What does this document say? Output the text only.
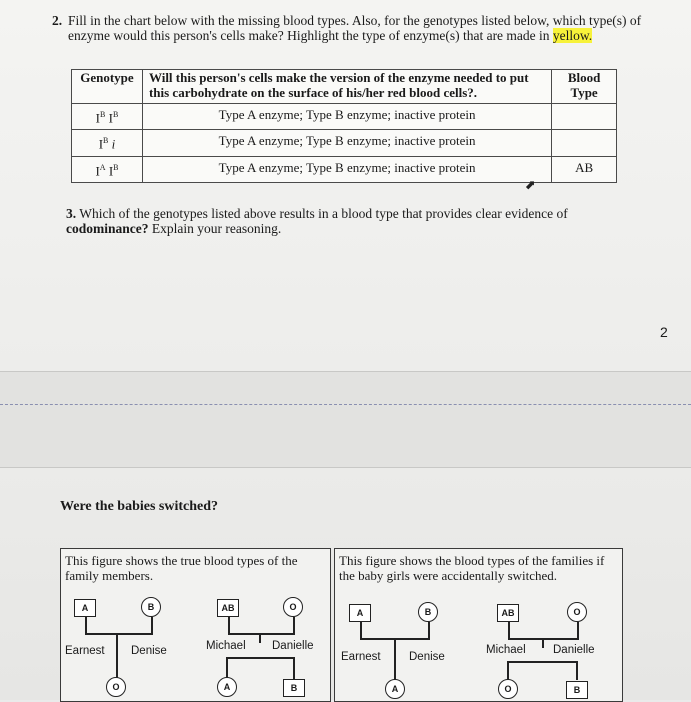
2. Fill in the chart below with the missing blood types. Also, for the genotypes listed below, which type(s) of enzyme would this person's cells make? Highlight the type of enzyme(s) that are made in yellow.
Genotype	Will this person's cells make the version of the enzyme needed to put this carbohydrate on the surface of his/her red blood cells?.	Blood Type
$I^B$ $I^B$	Type A enzyme; Type B enzyme; inactive protein	
$I^B$ i	Type A enzyme; Type B enzyme; inactive protein	
$I^A$ $I^B$	Type A enzyme; Type B enzyme; inactive protein	AB
⬈
3. Which of the genotypes listed above results in a blood type that provides clear evidence of codominance? Explain your reasoning.
2
Were the babies switched?
This figure shows the true blood types of the family members.
A	B
Earnest Denise
O
AB	O
Michael Danielle
A	B
This figure shows the blood types of the families if the baby girls were accidentally switched.
A	B
Earnest Denise
A
AB	O
Michael Danielle
O	B
